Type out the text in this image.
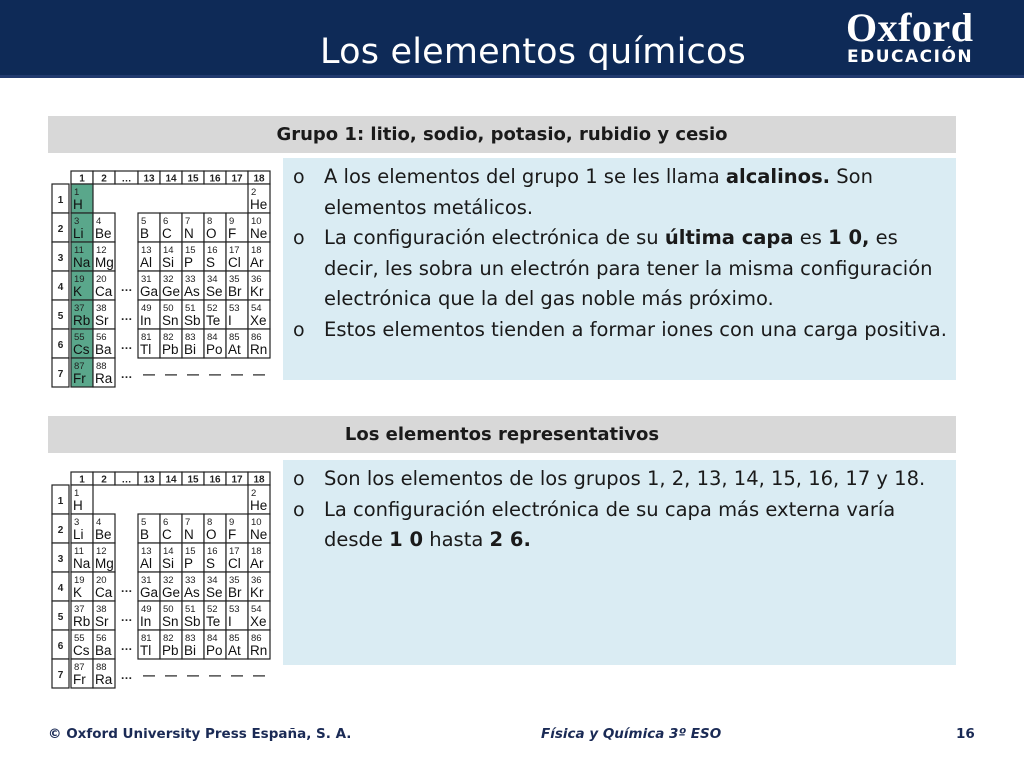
Los elementos químicos
Oxford
EDUCACIÓN
Grupo 1: litio, sodio, potasio, rubidio y cesio
1 2 … 13 14 15 16 17 18
1
2
3
4
5
6
7
1
H
2
He
3
Li
4
Be
5
B
6
C
7
N
8
O
9
F
10
Ne
11
Na
12
Mg
13
Al
14
Si
15
P
16
S
17
Cl
18
Ar
19
K
20
Ca …
31
Ga
32
Ge
33
As
34
Se
35
Br
36
Kr
37
Rb
38
Sr …
49
In
50
Sn
51
Sb
52
Te
53
I
54
Xe
55
Cs
56
Ba …
81
Tl
82
Pb
83
Bi
84
Po
85
At
86
Rn
87
Fr
88
Ra … — — — — — —
o A los elementos del grupo 1 se les llama alcalinos. Son elementos metálicos.
o La configuración electrónica de su última capa es 1 0, es decir, les sobra un electrón para tener la misma configuración electrónica que la del gas noble más próximo.
o Estos elementos tienden a formar iones con una carga positiva.
Los elementos representativos
1 2 … 13 14 15 16 17 18
1
2
3
4
5
6
7
1
H
2
He
3
Li
4
Be
5
B
6
C
7
N
8
O
9
F
10
Ne
11
Na
12
Mg
13
Al
14
Si
15
P
16
S
17
Cl
18
Ar
19
K
20
Ca …
31
Ga
32
Ge
33
As
34
Se
35
Br
36
Kr
37
Rb
38
Sr …
49
In
50
Sn
51
Sb
52
Te
53
I
54
Xe
55
Cs
56
Ba …
81
Tl
82
Pb
83
Bi
84
Po
85
At
86
Rn
87
Fr
88
Ra … — — — — — —
o Son los elementos de los grupos 1, 2, 13, 14, 15, 16, 17 y 18.
o La configuración electrónica de su capa más externa varía desde 1 0 hasta 2 6.
© Oxford University Press España, S. A.	Física y Química 3º ESO	16
